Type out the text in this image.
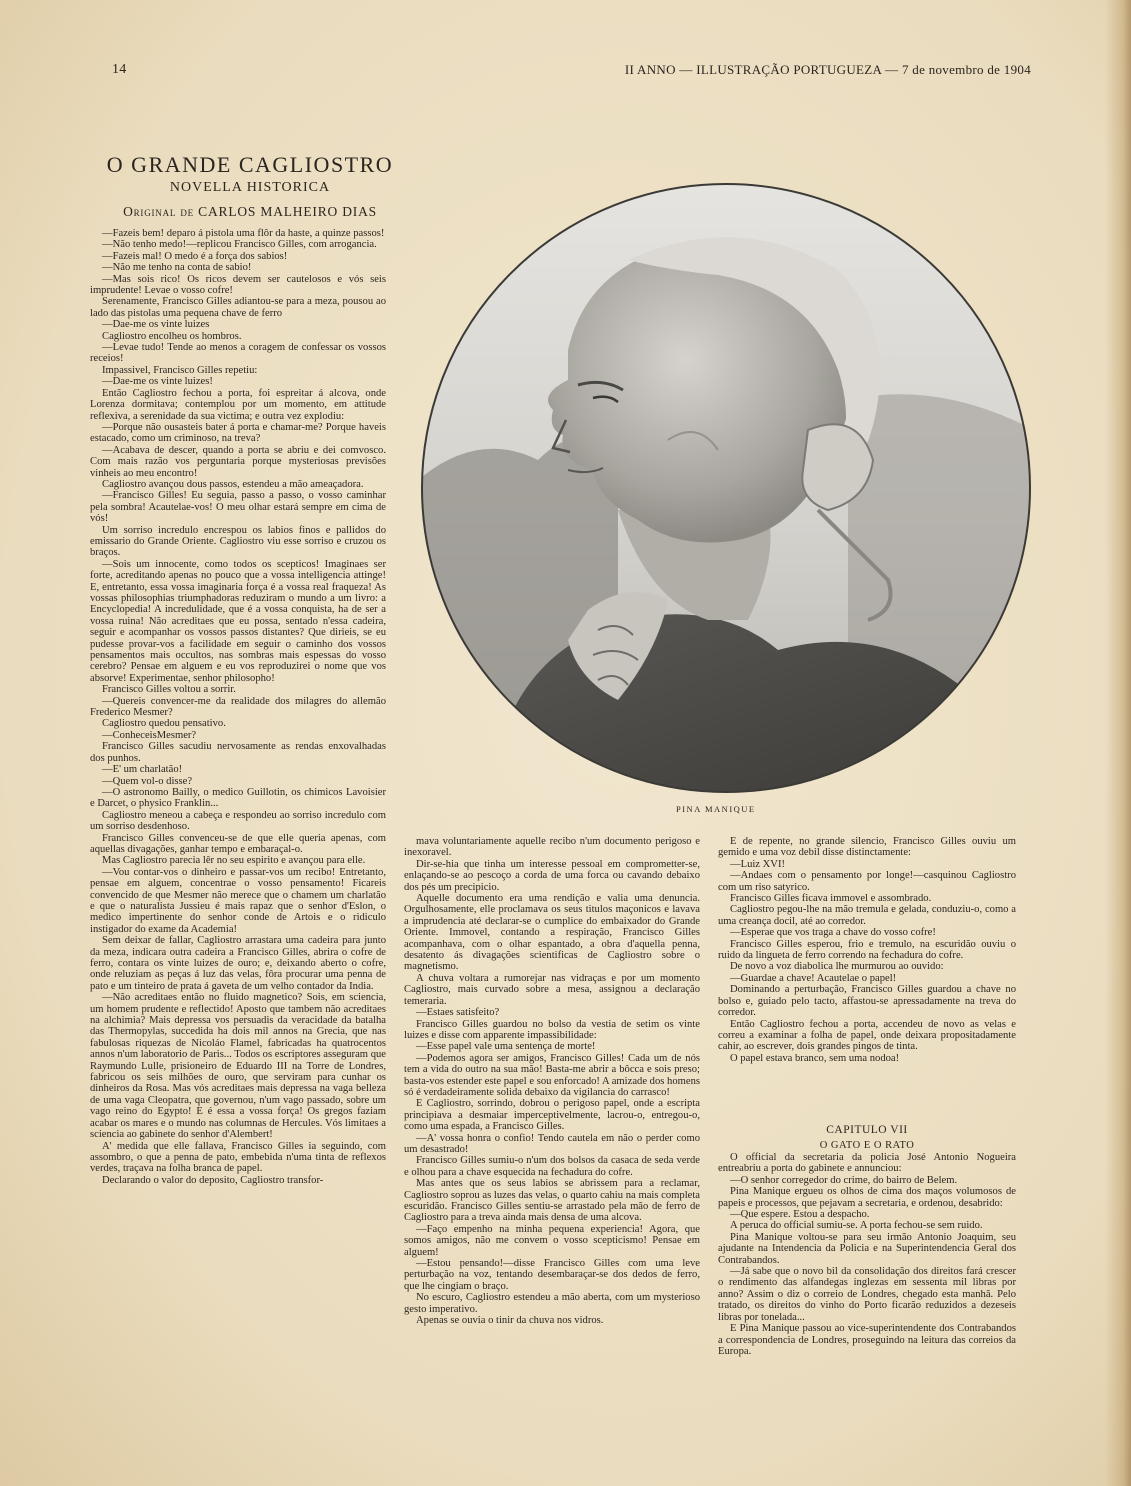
14	II ANNO — ILLUSTRAÇÃO PORTUGUEZA — 7 de novembro de 1904
O GRANDE CAGLIOSTRO
NOVELLA HISTORICA
Original de CARLOS MALHEIRO DIAS

—Fazeis bem! deparo á pistola uma flôr da haste, a quinze passos!

—Não tenho medo!—replicou Francisco Gilles, com arrogancia.

—Fazeis mal! O medo é a força dos sabios!

—Não me tenho na conta de sabio!

—Mas sois rico! Os ricos devem ser cautelosos e vós seis imprudente! Levae o vosso cofre!

Serenamente, Francisco Gilles adiantou-se para a meza, pousou ao lado das pistolas uma pequena chave de ferro

—Dae-me os vinte luizes

Cagliostro encolheu os hombros.

—Levae tudo! Tende ao menos a coragem de confessar os vossos receios!

Impassivel, Francisco Gilles repetiu:

—Dae-me os vinte luizes!

Então Cagliostro fechou a porta, foi espreitar á alcova, onde Lorenza dormitava; contemplou por um momento, em attitude reflexiva, a serenidade da sua victima; e outra vez explodiu:

—Porque não ousasteis bater á porta e chamar-me? Porque haveis estacado, como um criminoso, na treva?

—Acabava de descer, quando a porta se abriu e dei comvosco. Com mais razão vos perguntaria porque mysteriosas previsões vinheis ao meu encontro!

Cagliostro avançou dous passos, estendeu a mão ameaçadora.

—Francisco Gilles! Eu seguia, passo a passo, o vosso caminhar pela sombra! Acautelae-vos! O meu olhar estará sempre em cima de vós!

Um sorriso incredulo encrespou os labios finos e pallidos do emissario do Grande Oriente. Cagliostro viu esse sorriso e cruzou os braços.

—Sois um innocente, como todos os scepticos! Imaginaes ser forte, acreditando apenas no pouco que a vossa intelligencia attinge! E, entretanto, essa vossa imaginaria força é a vossa real fraqueza! As vossas philosophias triumphadoras reduziram o mundo a um livro: a Encyclopedia! A incredulidade, que é a vossa conquista, ha de ser a vossa ruina! Não acreditaes que eu possa, sentado n'essa cadeira, seguir e acompanhar os vossos passos distantes? Que dirieis, se eu pudesse provar-vos a facilidade em seguir o caminho dos vossos pensamentos mais occultos, nas sombras mais espessas do vosso cerebro? Pensae em alguem e eu vos reproduzirei o nome que vos absorve! Experimentae, senhor philosopho!

Francisco Gilles voltou a sorrir.

—Quereis convencer-me da realidade dos milagres do allemão Frederico Mesmer?

Cagliostro quedou pensativo.

—ConheceisMesmer?

Francisco Gilles sacudiu nervosamente as rendas enxovalhadas dos punhos.

—E' um charlatão!

—Quem vol-o disse?

—O astronomo Bailly, o medico Guillotin, os chimicos Lavoisier e Darcet, o physico Franklin...

Cagliostro meneou a cabeça e respondeu ao sorriso incredulo com um sorriso desdenhoso.

Francisco Gilles convenceu-se de que elle queria apenas, com aquellas divagações, ganhar tempo e embaraçal-o.

Mas Cagliostro parecia lêr no seu espirito e avançou para elle.

—Vou contar-vos o dinheiro e passar-vos um recibo! Entretanto, pensae em alguem, concentrae o vosso pensamento! Ficareis convencido de que Mesmer não merece que o chamem um charlatão e que o naturalista Jussieu é mais rapaz que o senhor d'Eslon, o medico impertinente do senhor conde de Artois e o ridiculo instigador do exame da Academia!

Sem deixar de fallar, Cagliostro arrastara uma cadeira para junto da meza, indicara outra cadeira a Francisco Gilles, abrira o cofre de ferro, contara os vinte luizes de ouro; e, deixando aberto o cofre, onde reluziam as peças á luz das velas, fôra procurar uma penna de pato e um tinteiro de prata á gaveta de um velho contador da India.

—Não acreditaes então no fluido magnetico? Sois, em sciencia, um homem prudente e reflectido! Aposto que tambem não acreditaes na alchimia? Mais depressa vos persuadis da veracidade da batalha das Thermopylas, succedida ha dois mil annos na Grecia, que nas fabulosas riquezas de Nicoláo Flamel, fabricadas ha quatrocentos annos n'um laboratorio de Paris... Todos os escriptores asseguram que Raymundo Lulle, prisioneiro de Eduardo III na Torre de Londres, fabricou os seis milhões de ouro, que serviram para cunhar os dinheiros da Rosa. Mas vós acreditaes mais depressa na vaga belleza de uma vaga Cleopatra, que governou, n'um vago passado, sobre um vago reino do Egypto! E é essa a vossa força! Os gregos faziam acabar os mares e o mundo nas columnas de Hercules. Vós limitaes a sciencia ao gabinete do senhor d'Alembert!

A' medida que elle fallava, Francisco Gilles ia seguindo, com assombro, o que a penna de pato, embebida n'uma tinta de reflexos verdes, traçava na folha branca de papel.

Declarando o valor do deposito, Cagliostro transfor-

PINA MANIQUE

mava voluntariamente aquelle recibo n'um documento perigoso e inexoravel.

Dir-se-hia que tinha um interesse pessoal em comprometter-se, enlaçando-se ao pescoço a corda de uma forca ou cavando debaixo dos pés um precipicio.

Aquelle documento era uma rendição e valia uma denuncia. Orgulhosamente, elle proclamava os seus titulos maçonicos e lavava a imprudencia até declarar-se o cumplice do embaixador do Grande Oriente. Immovel, contando a respiração, Francisco Gilles acompanhava, com o olhar espantado, a obra d'aquella penna, desatento ás divagações scientificas de Cagliostro sobre o magnetismo.

A chuva voltara a rumorejar nas vidraças e por um momento Cagliostro, mais curvado sobre a mesa, assignou a declaração temeraria.

—Estaes satisfeito?

Francisco Gilles guardou no bolso da vestia de setim os vinte luizes e disse com apparente impassibilidade:

—Esse papel vale uma sentença de morte!

—Podemos agora ser amigos, Francisco Gilles! Cada um de nós tem a vida do outro na sua mão! Basta-me abrir a bôcca e sois preso; basta-vos estender este papel e sou enforcado! A amizade dos homens só é verdadeiramente solida debaixo da vigilancia do carrasco!

E Cagliostro, sorrindo, dobrou o perigoso papel, onde a escripta principiava a desmaiar imperceptivelmente, lacrou-o, entregou-o, como uma espada, a Francisco Gilles.

—A' vossa honra o confio! Tendo cautela em não o perder como um desastrado!

Francisco Gilles sumiu-o n'um dos bolsos da casaca de seda verde e olhou para a chave esquecida na fechadura do cofre.

Mas antes que os seus labios se abrissem para a reclamar, Cagliostro soprou as luzes das velas, o quarto cahiu na mais completa escuridão. Francisco Gilles sentiu-se arrastado pela mão de ferro de Cagliostro para a treva ainda mais densa de uma alcova.

—Faço empenho na minha pequena experiencia! Agora, que somos amigos, não me convem o vosso scepticismo! Pensae em alguem!

—Estou pensando!—disse Francisco Gilles com uma leve perturbação na voz, tentando desembaraçar-se dos dedos de ferro, que lhe cingiam o braço.

No escuro, Cagliostro estendeu a mão aberta, com um mysterioso gesto imperativo.

Apenas se ouvia o tinir da chuva nos vidros.

E de repente, no grande silencio, Francisco Gilles ouviu um gemido e uma voz debil disse distinctamente:

—Luiz XVI!

—Andaes com o pensamento por longe!—casquinou Cagliostro com um riso satyrico.

Francisco Gilles ficava immovel e assombrado.

Cagliostro pegou-lhe na mão tremula e gelada, conduziu-o, como a uma creança docil, até ao corredor.

—Esperae que vos traga a chave do vosso cofre!

Francisco Gilles esperou, frio e tremulo, na escuridão ouviu o ruido da lingueta de ferro correndo na fechadura do cofre.

De novo a voz diabolica lhe murmurou ao ouvido:

—Guardae a chave! Acautelae o papel!

Dominando a perturbação, Francisco Gilles guardou a chave no bolso e, guiado pelo tacto, affastou-se apressadamente na treva do corredor.

Então Cagliostro fechou a porta, accendeu de novo as velas e correu a examinar a folha de papel, onde deixara propositadamente cahir, ao escrever, dois grandes pingos de tinta.

O papel estava branco, sem uma nodoa!

CAPITULO VII
O GATO E O RATO

O official da secretaria da policia José Antonio Nogueira entreabriu a porta do gabinete e annunciou:

—O senhor corregedor do crime, do bairro de Belem.

Pina Manique ergueu os olhos de cima dos maços volumosos de papeis e processos, que pejavam a secretaria, e ordenou, desabrido:

—Que espere. Estou a despacho.

A peruca do official sumiu-se. A porta fechou-se sem ruido.

Pina Manique voltou-se para seu irmão Antonio Joaquim, seu ajudante na Intendencia da Policia e na Superintendencia Geral dos Contrabandos.

—Já sabe que o novo bil da consolidação dos direitos fará crescer o rendimento das alfandegas inglezas em sessenta mil libras por anno? Assim o diz o correio de Londres, chegado esta manhã. Pelo tratado, os direitos do vinho do Porto ficarão reduzidos a dezeseis libras por tonelada...

E Pina Manique passou ao vice-superintendente dos Contrabandos a correspondencia de Londres, proseguindo na leitura das correios da Europa.
